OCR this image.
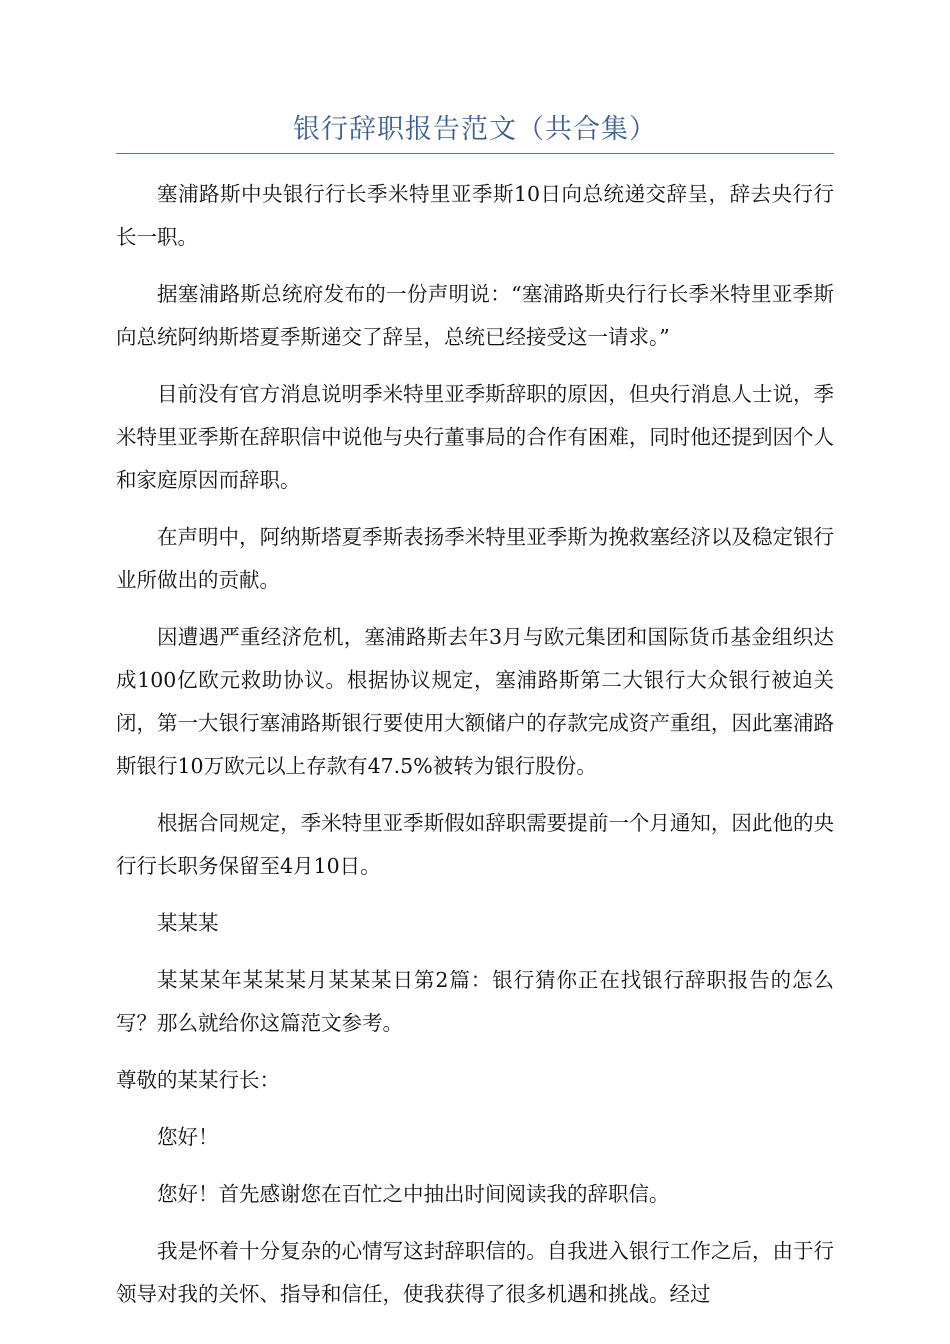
银行辞职报告范文（共合集）

塞浦路斯中央银行行长季米特里亚季斯10日向总统递交辞呈，辞去央行行长一职。

据塞浦路斯总统府发布的一份声明说：“塞浦路斯央行行长季米特里亚季斯向总统阿纳斯塔夏季斯递交了辞呈，总统已经接受这一请求。”

目前没有官方消息说明季米特里亚季斯辞职的原因，但央行消息人士说，季米特里亚季斯在辞职信中说他与央行董事局的合作有困难，同时他还提到因个人和家庭原因而辞职。

在声明中，阿纳斯塔夏季斯表扬季米特里亚季斯为挽救塞经济以及稳定银行业所做出的贡献。

因遭遇严重经济危机，塞浦路斯去年3月与欧元集团和国际货币基金组织达成100亿欧元救助协议。根据协议规定，塞浦路斯第二大银行大众银行被迫关闭，第一大银行塞浦路斯银行要使用大额储户的存款完成资产重组，因此塞浦路斯银行10万欧元以上存款有47.5%被转为银行股份。

根据合同规定，季米特里亚季斯假如辞职需要提前一个月通知，因此他的央行行长职务保留至4月10日。

某某某

某某某年某某某月某某某日第2篇：银行猜你正在找银行辞职报告的怎么写？那么就给你这篇范文参考。

尊敬的某某行长：

您好！

您好！首先感谢您在百忙之中抽出时间阅读我的辞职信。

我是怀着十分复杂的心情写这封辞职信的。自我进入银行工作之后，由于行领导对我的关怀、指导和信任，使我获得了很多机遇和挑战。经过
